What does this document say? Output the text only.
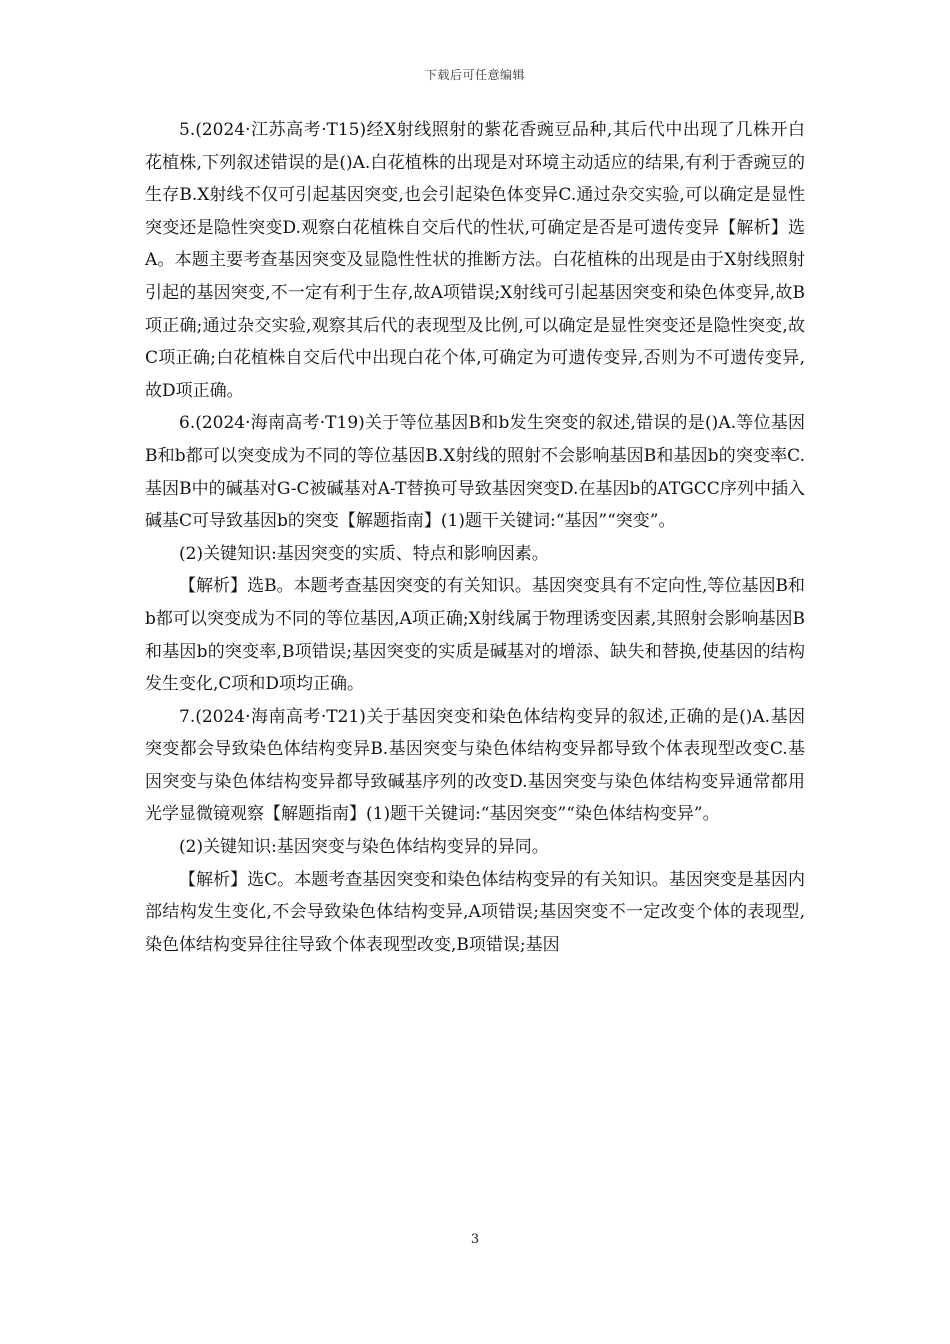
下载后可任意编辑

5.(2024·江苏高考·T15)经X射线照射的紫花香豌豆品种,其后代中出现了几株开白花植株,下列叙述错误的是()A.白花植株的出现是对环境主动适应的结果,有利于香豌豆的生存B.X射线不仅可引起基因突变,也会引起染色体变异C.通过杂交实验,可以确定是显性突变还是隐性突变D.观察白花植株自交后代的性状,可确定是否是可遗传变异【解析】选A。本题主要考查基因突变及显隐性性状的推断方法。白花植株的出现是由于X射线照射引起的基因突变,不一定有利于生存,故A项错误;X射线可引起基因突变和染色体变异,故B项正确;通过杂交实验,观察其后代的表现型及比例,可以确定是显性突变还是隐性突变,故C项正确;白花植株自交后代中出现白花个体,可确定为可遗传变异,否则为不可遗传变异,故D项正确。

6.(2024·海南高考·T19)关于等位基因B和b发生突变的叙述,错误的是()A.等位基因B和b都可以突变成为不同的等位基因B.X射线的照射不会影响基因B和基因b的突变率C.基因B中的碱基对G-C被碱基对A-T替换可导致基因突变D.在基因b的ATGCC序列中插入碱基C可导致基因b的突变【解题指南】(1)题干关键词:“基因”“突变”。

(2)关键知识:基因突变的实质、特点和影响因素。

【解析】选B。本题考查基因突变的有关知识。基因突变具有不定向性,等位基因B和b都可以突变成为不同的等位基因,A项正确;X射线属于物理诱变因素,其照射会影响基因B和基因b的突变率,B项错误;基因突变的实质是碱基对的增添、缺失和替换,使基因的结构发生变化,C项和D项均正确。

7.(2024·海南高考·T21)关于基因突变和染色体结构变异的叙述,正确的是()A.基因突变都会导致染色体结构变异B.基因突变与染色体结构变异都导致个体表现型改变C.基因突变与染色体结构变异都导致碱基序列的改变D.基因突变与染色体结构变异通常都用光学显微镜观察【解题指南】(1)题干关键词:“基因突变”“染色体结构变异”。

(2)关键知识:基因突变与染色体结构变异的异同。

【解析】选C。本题考查基因突变和染色体结构变异的有关知识。基因突变是基因内部结构发生变化,不会导致染色体结构变异,A项错误;基因突变不一定改变个体的表现型,染色体结构变异往往导致个体表现型改变,B项错误;基因

3
